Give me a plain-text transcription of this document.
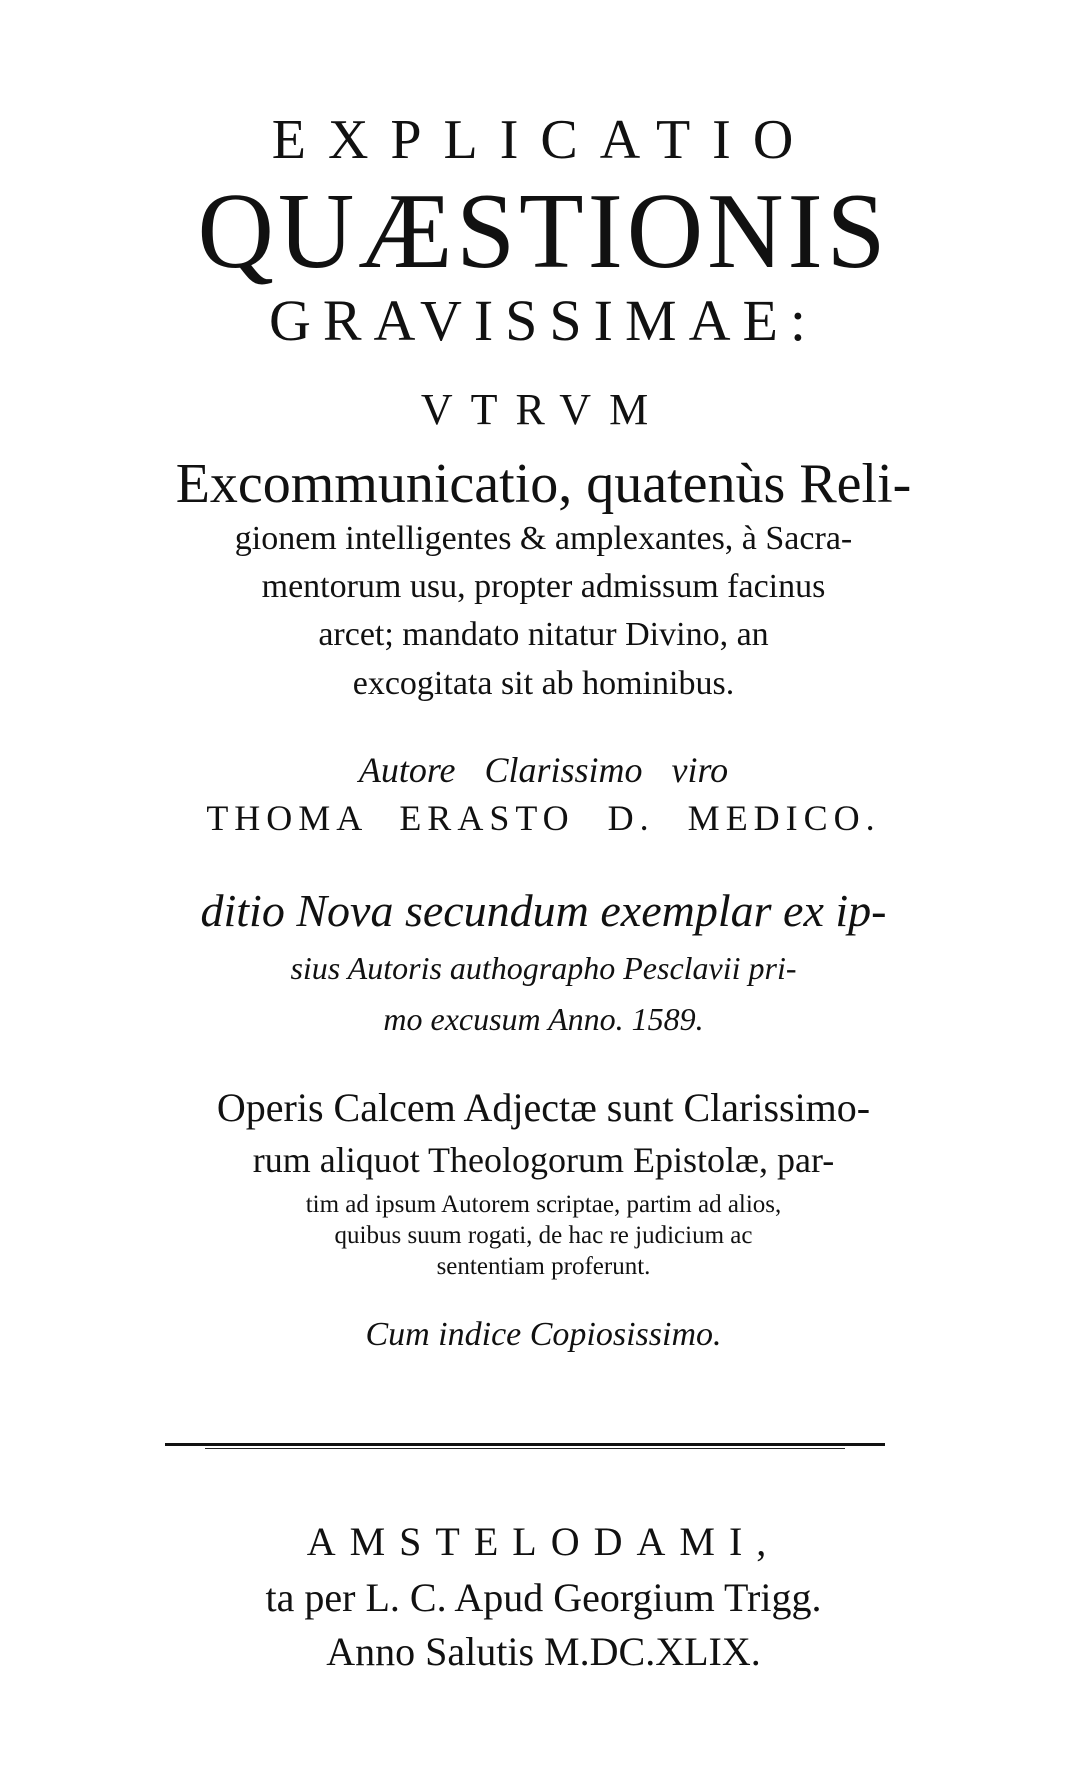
EXPLICATIO
QUÆSTIONIS
GRAVISSIMAE:
VTRVM
Excommunicatio, quatenùs Reli-
gionem intelligentes & amplexantes, à Sacra-
mentorum usu, propter admissum facinus
arcet; mandato nitatur Divino, an
excogitata sit ab hominibus.
Autore Clarissimo viro
THOMA ERASTO D. MEDICO.
ditio Nova secundum exemplar ex ip-
sius Autoris authographo Pesclavii pri-
mo excusum Anno. 1589.
Operis Calcem Adjectæ sunt Clarissimo-
rum aliquot Theologorum Epistolæ, par-
tim ad ipsum Autorem scriptae, partim ad alios,
quibus suum rogati, de hac re judicium ac
sententiam proferunt.
Cum indice Copiosissimo.
AMSTELODAMI,
ta per L. C. Apud Georgium Trigg.
Anno Salutis M.DC.XLIX.
